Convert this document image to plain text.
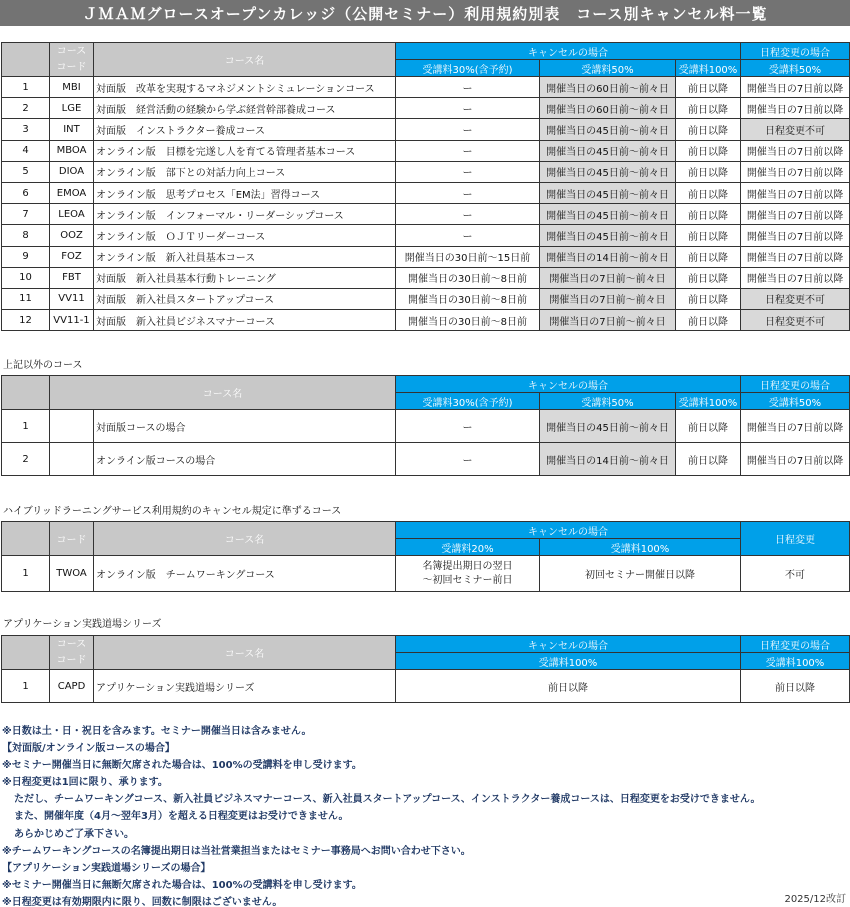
ＪＭＡＭグロースオープンカレッジ（公開セミナー）利用規約別表　コース別キャンセル料一覧
	コース
コード	コース名	キャンセルの場合			日程変更の場合
			受講料30%(含予約)	受講料50%	受講料100%	受講料50%
1	MBI	対面版　改革を実現するマネジメントシミュレーションコース	ー	開催当日の60日前～前々日	前日以降	開催当日の7日前以降
2	LGE	対面版　経営活動の経験から学ぶ経営幹部養成コース	ー	開催当日の60日前～前々日	前日以降	開催当日の7日前以降
3	INT	対面版　インストラクター養成コース	ー	開催当日の45日前～前々日	前日以降	日程変更不可
4	MBOA	オンライン版　目標を完遂し人を育てる管理者基本コース	ー	開催当日の45日前～前々日	前日以降	開催当日の7日前以降
5	DIOA	オンライン版　部下との対話力向上コース	ー	開催当日の45日前～前々日	前日以降	開催当日の7日前以降
6	EMOA	オンライン版　思考プロセス「EM法」習得コース	ー	開催当日の45日前～前々日	前日以降	開催当日の7日前以降
7	LEOA	オンライン版　インフォーマル・リーダーシップコース	ー	開催当日の45日前～前々日	前日以降	開催当日の7日前以降
8	OOZ	オンライン版　ＯＪＴリーダーコース	ー	開催当日の45日前～前々日	前日以降	開催当日の7日前以降
9	FOZ	オンライン版　新入社員基本コース	開催当日の30日前～15日前	開催当日の14日前～前々日	前日以降	開催当日の7日前以降
10	FBT	対面版　新入社員基本行動トレーニング	開催当日の30日前～8日前	開催当日の7日前～前々日	前日以降	開催当日の7日前以降
11	VV11	対面版　新入社員スタートアップコース	開催当日の30日前～8日前	開催当日の7日前～前々日	前日以降	日程変更不可
12	VV11-1	対面版　新入社員ビジネスマナーコース	開催当日の30日前～8日前	開催当日の7日前～前々日	前日以降	日程変更不可
上記以外のコース
	コース名		キャンセルの場合			日程変更の場合
			受講料30%(含予約)	受講料50%	受講料100%	受講料50%
1		対面版コースの場合	ー	開催当日の45日前～前々日	前日以降	開催当日の7日前以降
2		オンライン版コースの場合	ー	開催当日の14日前～前々日	前日以降	開催当日の7日前以降
ハイブリッドラーニングサービス利用規約のキャンセル規定に準ずるコース
	コード	コース名	キャンセルの場合		日程変更
			受講料20%	受講料100%	
1	TWOA	オンライン版　チームワーキングコース	名簿提出期日の翌日
～初回セミナー前日	初回セミナー開催日以降	不可
アプリケーション実践道場シリーズ
	コース
コード	コース名	キャンセルの場合	日程変更の場合
			受講料100%	受講料100%
1	CAPD	アプリケーション実践道場シリーズ	前日以降	前日以降
※日数は土・日・祝日を含みます。セミナー開催当日は含みません。
【対面版/オンライン版コースの場合】
※セミナー開催当日に無断欠席された場合は、100%の受講料を申し受けます。
※日程変更は1回に限り、承ります。
ただし、チームワーキングコース、新入社員ビジネスマナーコース、新入社員スタートアップコース、インストラクター養成コースは、日程変更をお受けできません。
また、開催年度（4月～翌年3月）を超える日程変更はお受けできません。
あらかじめご了承下さい。
※チームワーキングコースの名簿提出期日は当社営業担当またはセミナー事務局へお問い合わせ下さい。
【アプリケーション実践道場シリーズの場合】
※セミナー開催当日に無断欠席された場合は、100%の受講料を申し受けます。
※日程変更は有効期限内に限り、回数に制限はございません。	2025/12改訂
